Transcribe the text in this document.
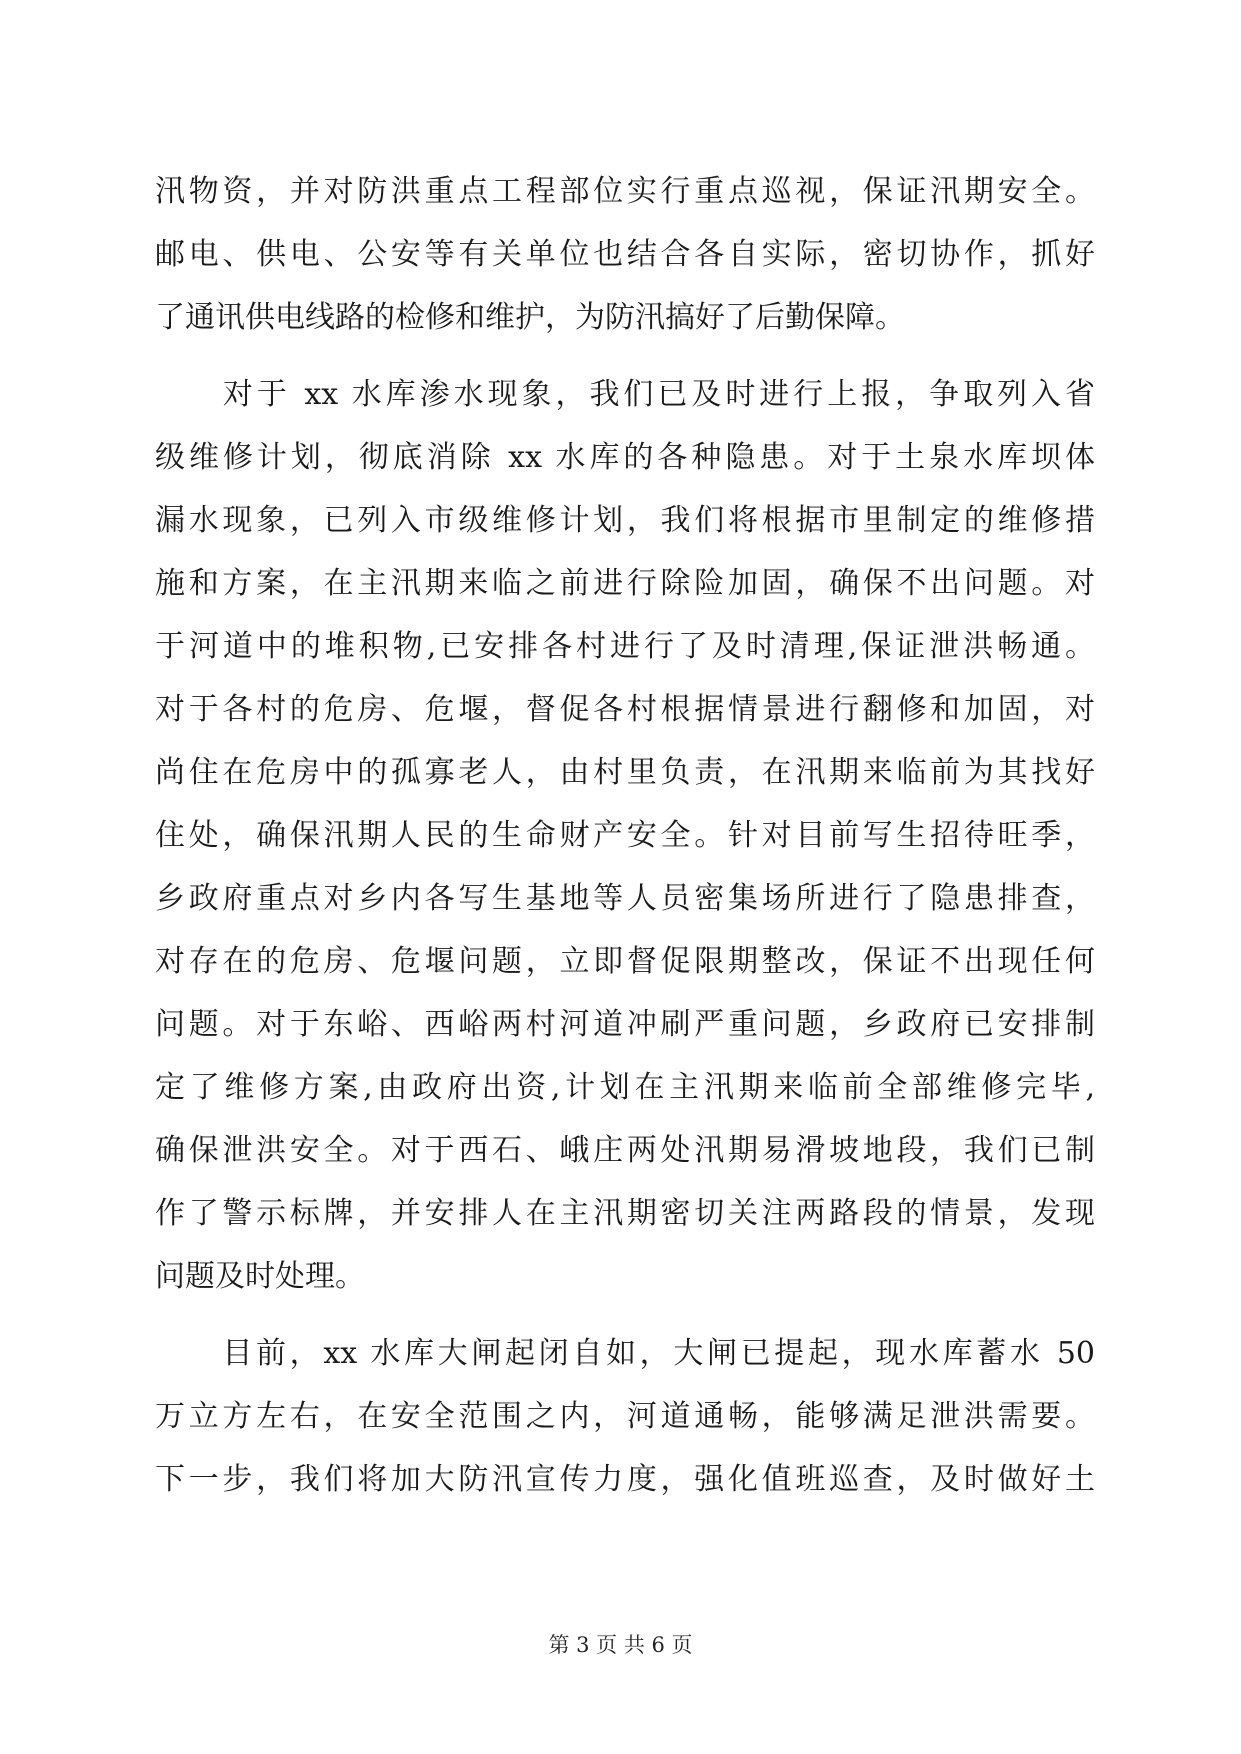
汛物资，并对防洪重点工程部位实行重点巡视，保证汛期安全。
邮电、供电、公安等有关单位也结合各自实际，密切协作，抓好
了通讯供电线路的检修和维护，为防汛搞好了后勤保障。
　　对于 xx 水库渗水现象，我们已及时进行上报，争取列入省
级维修计划，彻底消除 xx 水库的各种隐患。对于土泉水库坝体
漏水现象，已列入市级维修计划，我们将根据市里制定的维修措
施和方案，在主汛期来临之前进行除险加固，确保不出问题。对
于河道中的堆积物,已安排各村进行了及时清理,保证泄洪畅通。
对于各村的危房、危堰，督促各村根据情景进行翻修和加固，对
尚住在危房中的孤寡老人，由村里负责，在汛期来临前为其找好
住处，确保汛期人民的生命财产安全。针对目前写生招待旺季，
乡政府重点对乡内各写生基地等人员密集场所进行了隐患排查，
对存在的危房、危堰问题，立即督促限期整改，保证不出现任何
问题。对于东峪、西峪两村河道冲刷严重问题，乡政府已安排制
定了维修方案,由政府出资,计划在主汛期来临前全部维修完毕,
确保泄洪安全。对于西石、峨庄两处汛期易滑坡地段，我们已制
作了警示标牌，并安排人在主汛期密切关注两路段的情景，发现
问题及时处理。
　　目前，xx 水库大闸起闭自如，大闸已提起，现水库蓄水 50
万立方左右，在安全范围之内，河道通畅，能够满足泄洪需要。
下一步，我们将加大防汛宣传力度，强化值班巡查，及时做好土
第 3 页 共 6 页
